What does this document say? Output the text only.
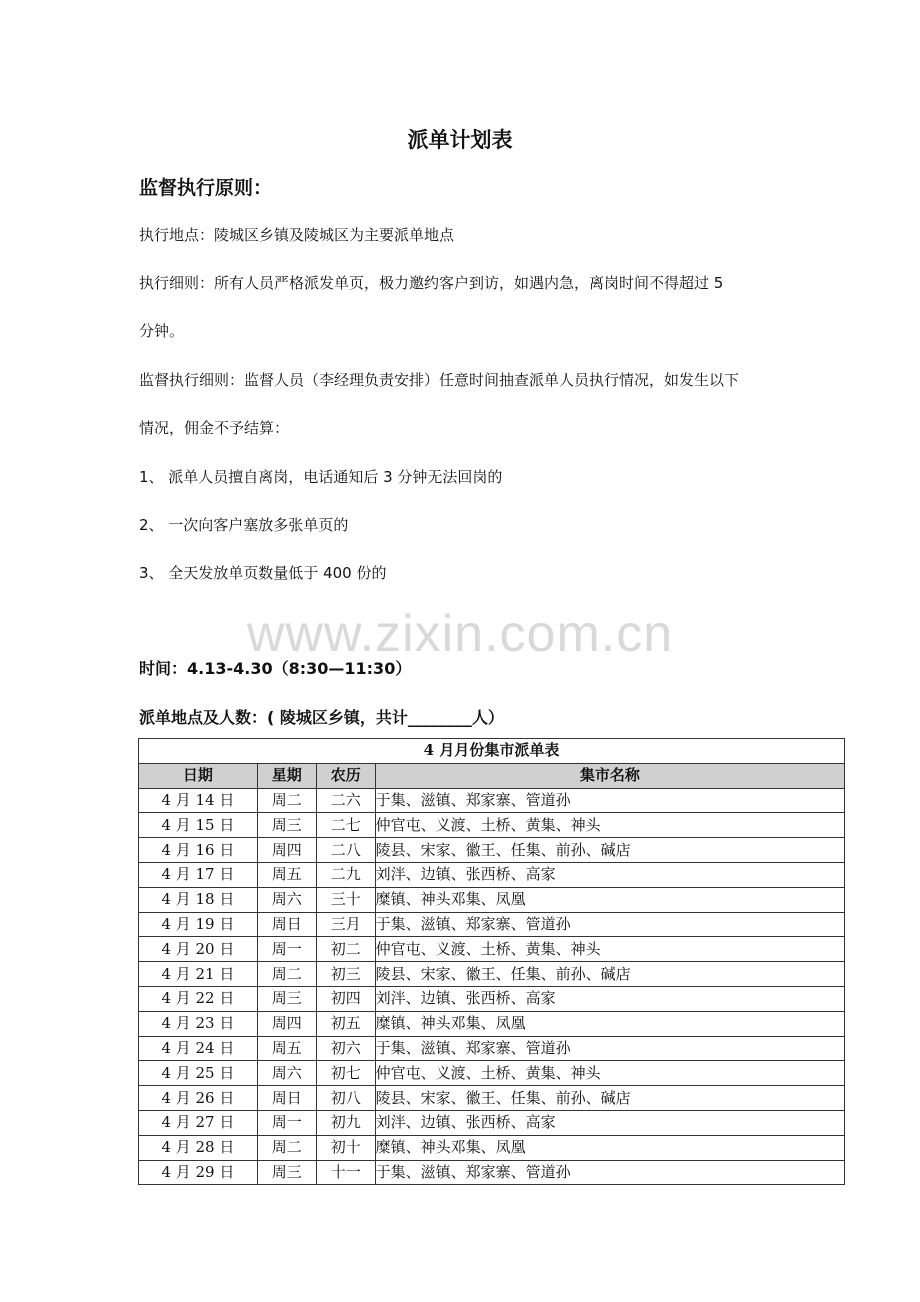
派单计划表
监督执行原则：
执行地点：陵城区乡镇及陵城区为主要派单地点
执行细则：所有人员严格派发单页，极力邀约客户到访，如遇内急，离岗时间不得超过 5
分钟。
监督执行细则：监督人员（李经理负责安排）任意时间抽查派单人员执行情况，如发生以下
情况，佣金不予结算：
1、 派单人员擅自离岗，电话通知后 3 分钟无法回岗的
2、 一次向客户塞放多张单页的
3、 全天发放单页数量低于 400 份的
www.zixin.com.cn
时间：4.13-4.30（8:30—11:30）
派单地点及人数：( 陵城区乡镇，共计________人）
4 月月份集市派单表			
日期	星期	农历	集市名称
4 月 14 日	周二	二六	于集、滋镇、郑家寨、管道孙
4 月 15 日	周三	二七	仲官屯、义渡、土桥、黄集、神头
4 月 16 日	周四	二八	陵县、宋家、徽王、任集、前孙、碱店
4 月 17 日	周五	二九	刘泮、边镇、张西桥、高家
4 月 18 日	周六	三十	糜镇、神头邓集、凤凰
4 月 19 日	周日	三月	于集、滋镇、郑家寨、管道孙
4 月 20 日	周一	初二	仲官屯、义渡、土桥、黄集、神头
4 月 21 日	周二	初三	陵县、宋家、徽王、任集、前孙、碱店
4 月 22 日	周三	初四	刘泮、边镇、张西桥、高家
4 月 23 日	周四	初五	糜镇、神头邓集、凤凰
4 月 24 日	周五	初六	于集、滋镇、郑家寨、管道孙
4 月 25 日	周六	初七	仲官屯、义渡、土桥、黄集、神头
4 月 26 日	周日	初八	陵县、宋家、徽王、任集、前孙、碱店
4 月 27 日	周一	初九	刘泮、边镇、张西桥、高家
4 月 28 日	周二	初十	糜镇、神头邓集、凤凰
4 月 29 日	周三	十一	于集、滋镇、郑家寨、管道孙
